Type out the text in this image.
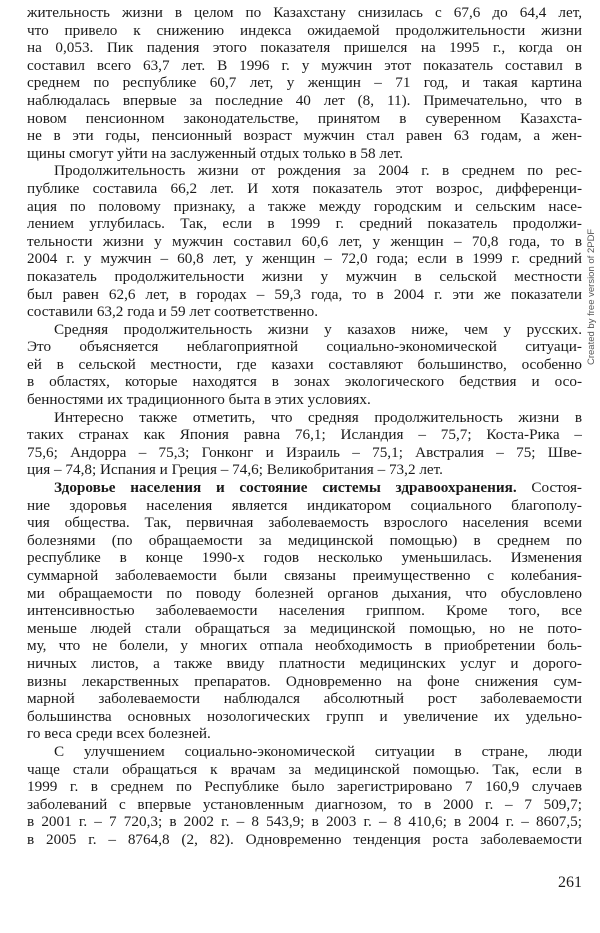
жительность жизни в целом по Казахстану снизилась с 67,6 до 64,4 лет,
что привело к снижению индекса ожидаемой продолжительности жизни
на 0,053. Пик падения этого показателя пришелся на 1995 г., когда он
составил всего 63,7 лет. В 1996 г. у мужчин этот показатель составил в
среднем по республике 60,7 лет, у женщин – 71 год, и такая картина
наблюдалась впервые за последние 40 лет (8, 11). Примечательно, что в
новом пенсионном законодательстве, принятом в суверенном Казахста-
не в эти годы, пенсионный возраст мужчин стал равен 63 годам, а жен-
щины смогут уйти на заслуженный отдых только в 58 лет.
Продолжительность жизни от рождения за 2004 г. в среднем по рес-
публике составила 66,2 лет. И хотя показатель этот возрос, дифференци-
ация по половому признаку, а также между городским и сельским насе-
лением углубилась. Так, если в 1999 г. средний показатель продолжи-
тельности жизни у мужчин составил 60,6 лет, у женщин – 70,8 года, то в
2004 г. у мужчин – 60,8 лет, у женщин – 72,0 года; если в 1999 г. средний
показатель продолжительности жизни у мужчин в сельской местности
был равен 62,6 лет, в городах – 59,3 года, то в 2004 г. эти же показатели
составили 63,2 года и 59 лет соответственно.
Средняя продолжительность жизни у казахов ниже, чем у русских.
Это объясняется неблагоприятной социально-экономической ситуаци-
ей в сельской местности, где казахи составляют большинство, особенно
в областях, которые находятся в зонах экологического бедствия и осо-
бенностями их традиционного быта в этих условиях.
Интересно также отметить, что средняя продолжительность жизни в
таких странах как Япония равна 76,1; Исландия – 75,7; Коста-Рика –
75,6; Андорра – 75,3; Гонконг и Израиль – 75,1; Австралия – 75; Шве-
ция – 74,8; Испания и Греция – 74,6; Великобритания – 73,2 лет.
Здоровье населения и состояние системы здравоохранения. Состоя-
ние здоровья населения является индикатором социального благополу-
чия общества. Так, первичная заболеваемость взрослого населения всеми
болезнями (по обращаемости за медицинской помощью) в среднем по
республике в конце 1990-х годов несколько уменьшилась. Изменения
суммарной заболеваемости были связаны преимущественно с колебания-
ми обращаемости по поводу болезней органов дыхания, что обусловлено
интенсивностью заболеваемости населения гриппом. Кроме того, все
меньше людей стали обращаться за медицинской помощью, но не пото-
му, что не болели, у многих отпала необходимость в приобретении боль-
ничных листов, а также ввиду платности медицинских услуг и дорого-
визны лекарственных препаратов. Одновременно на фоне снижения сум-
марной заболеваемости наблюдался абсолютный рост заболеваемости
большинства основных нозологических групп и увеличение их удельно-
го веса среди всех болезней.
С улучшением социально-экономической ситуации в стране, люди
чаще стали обращаться к врачам за медицинской помощью. Так, если в
1999 г. в среднем по Республике было зарегистрировано 7 160,9 случаев
заболеваний с впервые установленным диагнозом, то в 2000 г. – 7 509,7;
в 2001 г. – 7 720,3; в 2002 г. – 8 543,9; в 2003 г. – 8 410,6; в 2004 г. – 8607,5;
в 2005 г. – 8764,8 (2, 82). Одновременно тенденция роста заболеваемости
261
Created by free version of 2PDF
